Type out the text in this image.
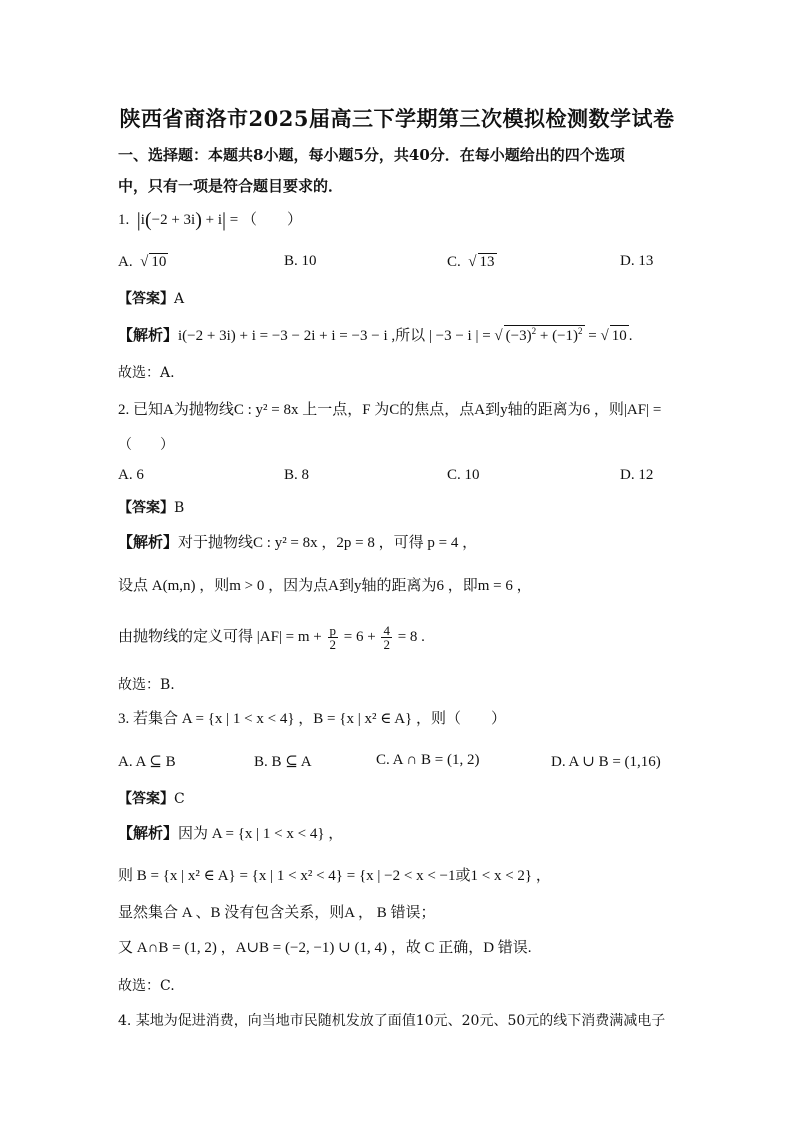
陕西省商洛市2025届高三下学期第三次模拟检测数学试卷
一、选择题：本题共8小题，每小题5分，共40分．在每小题给出的四个选项
中，只有一项是符合题目要求的．
1. |i(−2 + 3i) + i| = （　　）
A.  √ 10	B. 10	C.  √ 13	D. 13
【答案】A
【解析】i(−2 + 3i) + i = −3 − 2i + i = −3 − i ,所以 | −3 − i | = √ $(-3)^2 + (-1)^2$ = √ 10 .
故选：A.
2. 已知A为抛物线C : y² = 8x 上一点，F 为C的焦点，点A到y轴的距离为6 ，则|AF| =
（　　）
A. 6	B. 8	C. 10	D. 12
【答案】B
【解析】对于抛物线C : y² = 8x ，2p = 8 ，可得 p = 4 ，
设点 A(m,n) ，则m > 0 ，因为点A到y轴的距离为6 ，即m = 6 ，
由抛物线的定义可得 $|AF| = m + \frac{p}{2} = 6 + \frac{4}{2} = 8$ .
故选：B.
3. 若集合 A = {x | 1 < x < 4} ，B = {x | x² ∈ A} ，则（　　）
A. A ⊆ B	B. B ⊆ A	C. A ∩ B = (1, 2)	D. A ∪ B = (1,16)
【答案】C
【解析】因为 A = {x | 1 < x < 4} ，
则 B = {x | x² ∈ A} = {x | 1 < x² < 4} = {x | −2 < x < −1或1 < x < 2} ，
显然集合 A 、B 没有包含关系，则A ， B 错误；
又 A∩B = (1, 2) ，A∪B = (−2, −1) ∪ (1, 4) ，故 C 正确，D 错误.
故选：C.
4. 某地为促进消费，向当地市民随机发放了面值10元、20元、50元的线下消费满减电子
